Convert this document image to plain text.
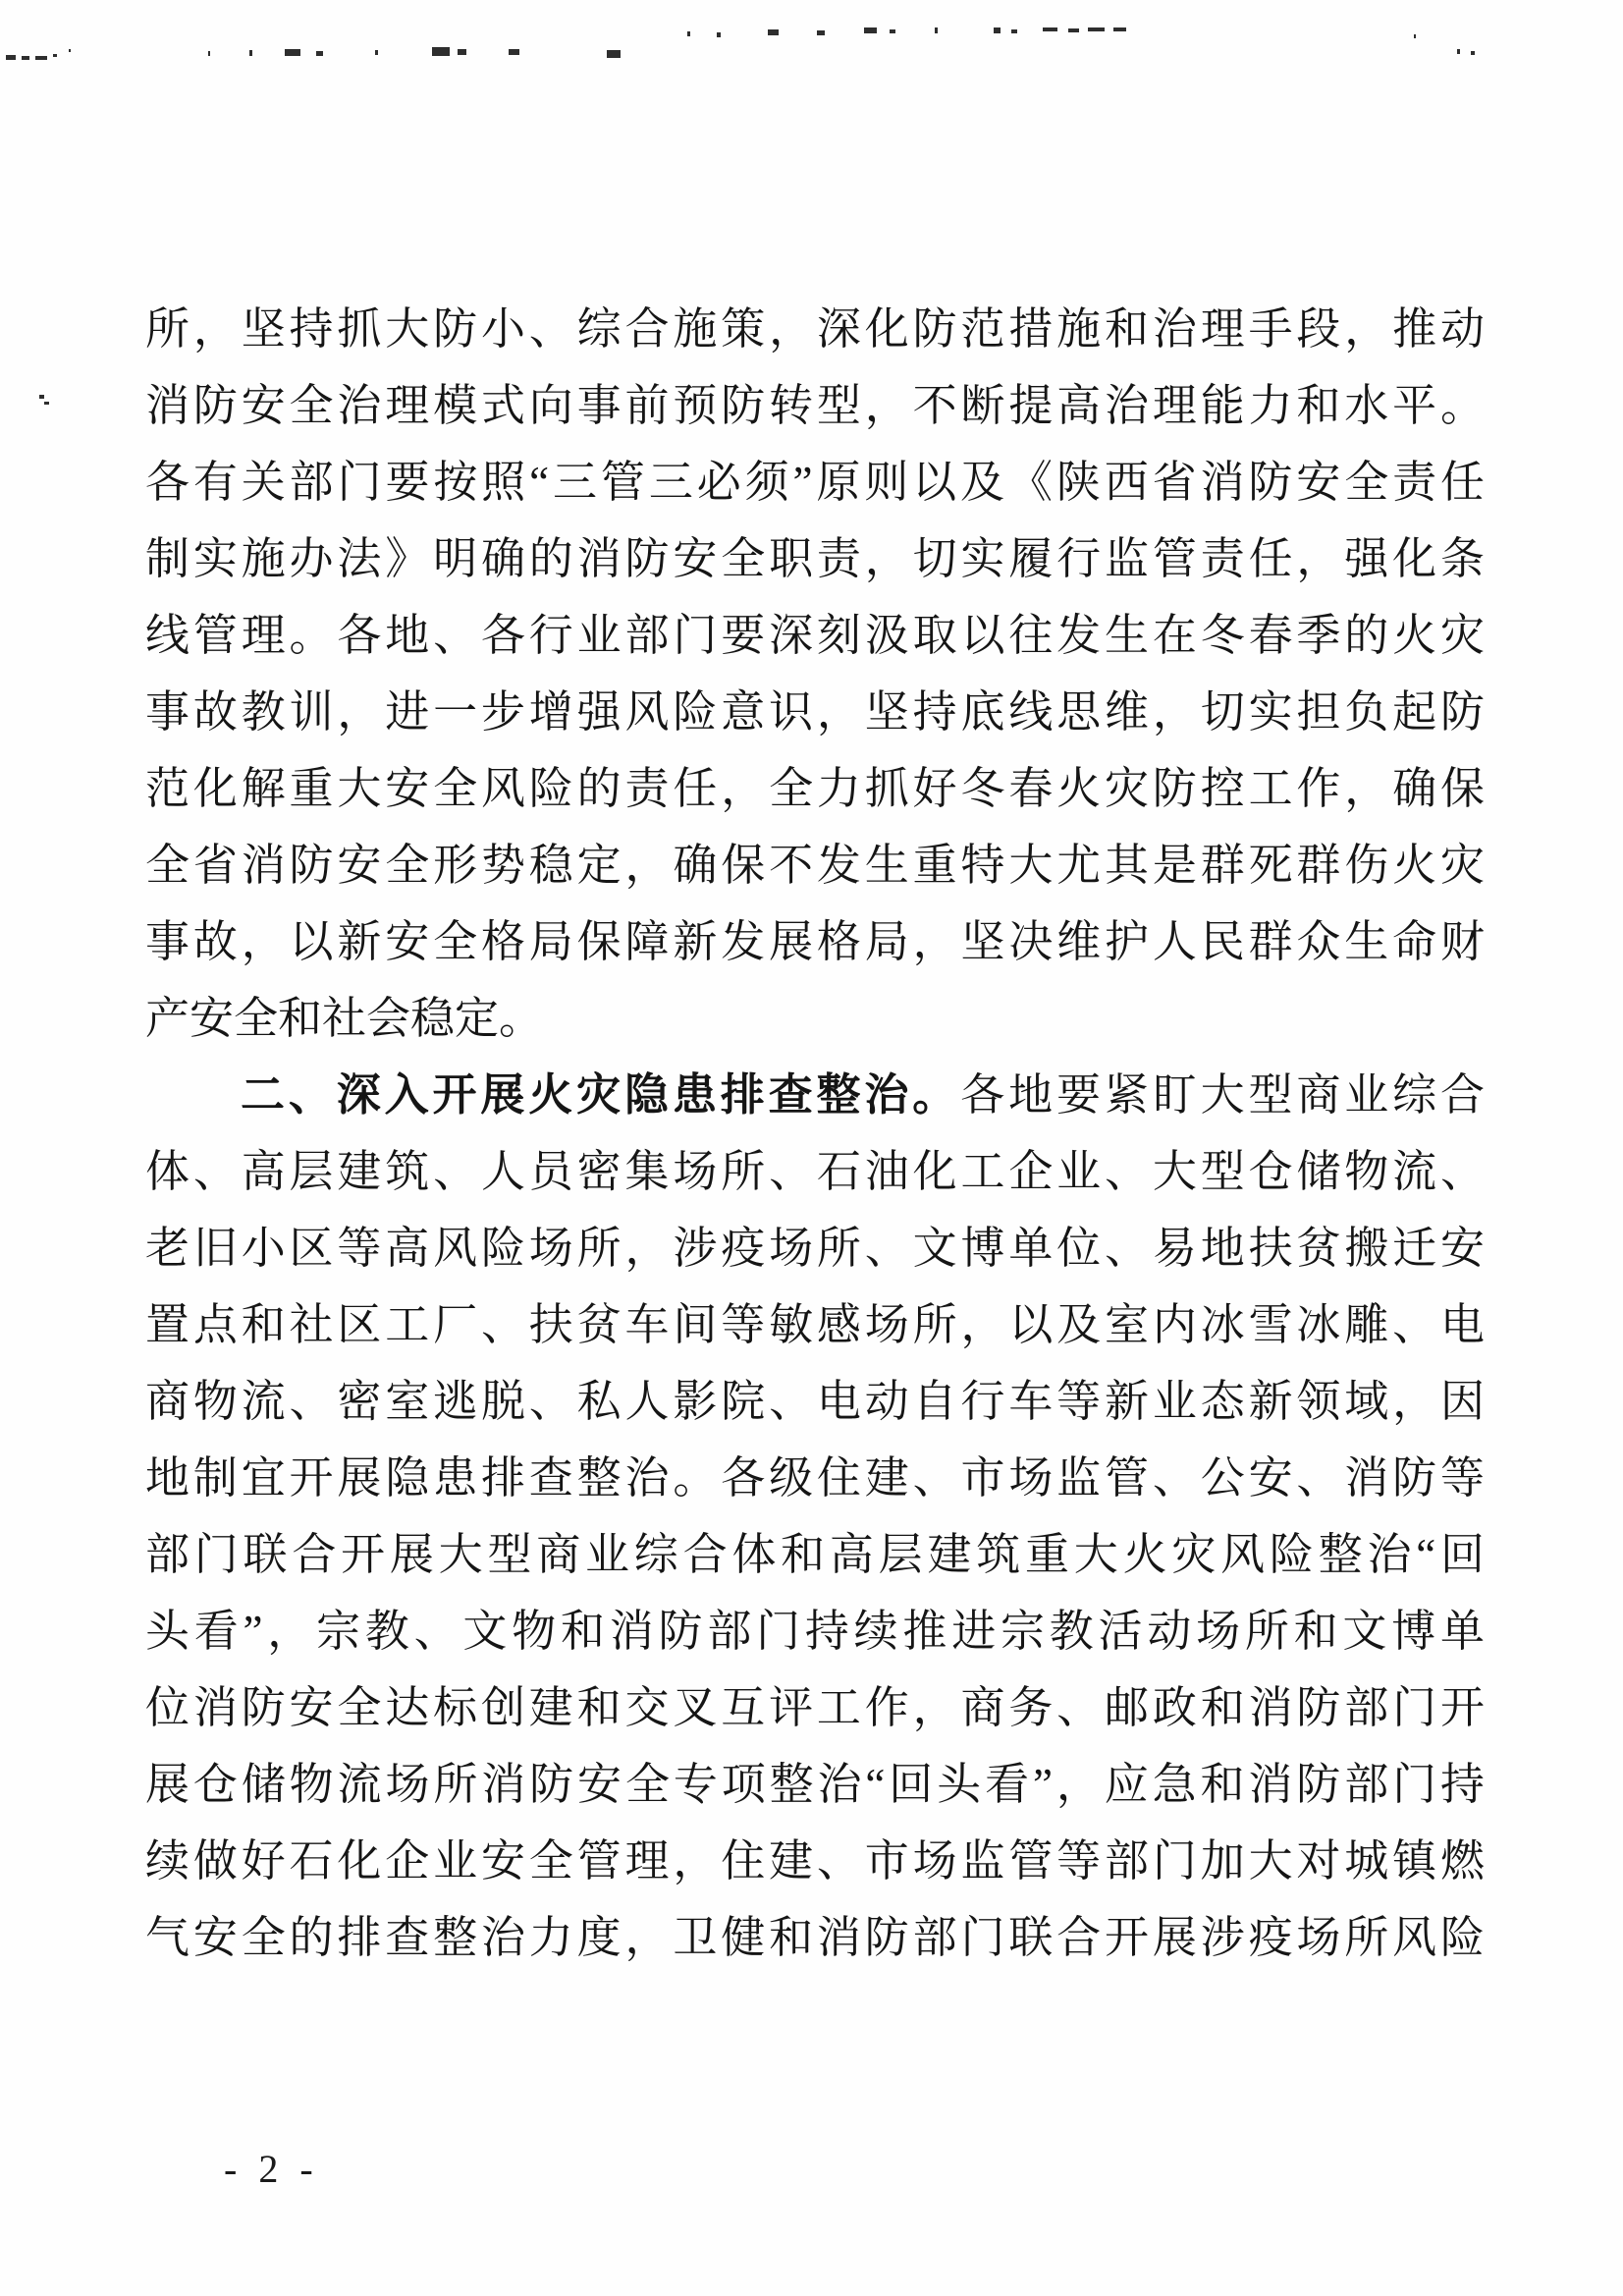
所，坚持抓大防小、综合施策，深化防范措施和治理手段，推动
消防安全治理模式向事前预防转型，不断提高治理能力和水平。
各有关部门要按照“三管三必须”原则以及《陕西省消防安全责任
制实施办法》明确的消防安全职责，切实履行监管责任，强化条
线管理。各地、各行业部门要深刻汲取以往发生在冬春季的火灾
事故教训，进一步增强风险意识，坚持底线思维，切实担负起防
范化解重大安全风险的责任，全力抓好冬春火灾防控工作，确保
全省消防安全形势稳定，确保不发生重特大尤其是群死群伤火灾
事故，以新安全格局保障新发展格局，坚决维护人民群众生命财
产安全和社会稳定。
二、深入开展火灾隐患排查整治。各地要紧盯大型商业综合
体、高层建筑、人员密集场所、石油化工企业、大型仓储物流、
老旧小区等高风险场所，涉疫场所、文博单位、易地扶贫搬迁安
置点和社区工厂、扶贫车间等敏感场所，以及室内冰雪冰雕、电
商物流、密室逃脱、私人影院、电动自行车等新业态新领域，因
地制宜开展隐患排查整治。各级住建、市场监管、公安、消防等
部门联合开展大型商业综合体和高层建筑重大火灾风险整治“回
头看”，宗教、文物和消防部门持续推进宗教活动场所和文博单
位消防安全达标创建和交叉互评工作，商务、邮政和消防部门开
展仓储物流场所消防安全专项整治“回头看”，应急和消防部门持
续做好石化企业安全管理，住建、市场监管等部门加大对城镇燃
气安全的排查整治力度，卫健和消防部门联合开展涉疫场所风险
- 2 -
